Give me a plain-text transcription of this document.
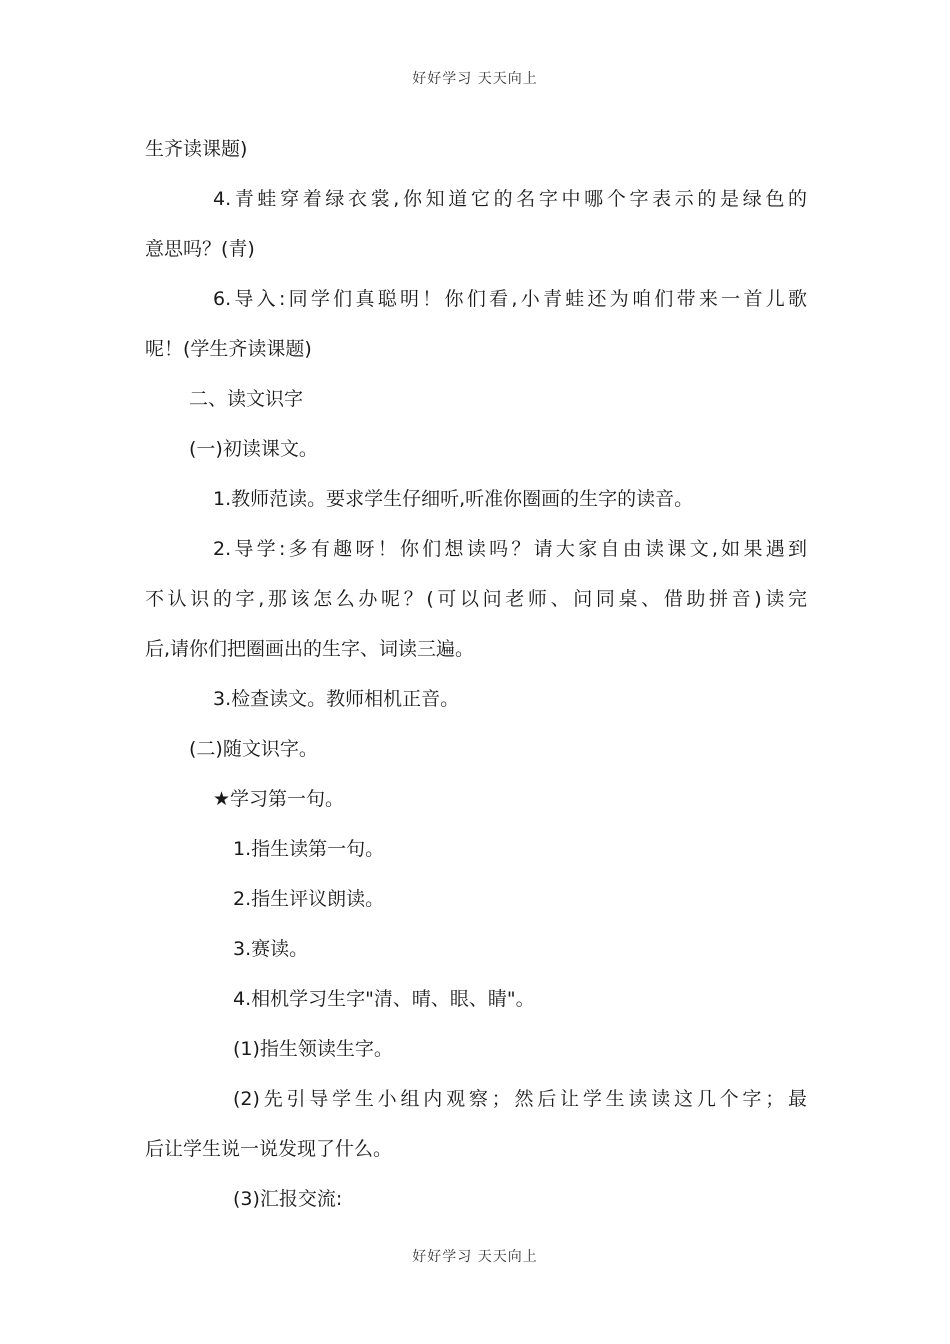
好好学习 天天向上
生齐读课题)
4.青蛙穿着绿衣裳,你知道它的名字中哪个字表示的是绿色的
意思吗？(青)
6.导入:同学们真聪明！你们看,小青蛙还为咱们带来一首儿歌
呢！(学生齐读课题)
二、读文识字
(一)初读课文。
1.教师范读。要求学生仔细听,听准你圈画的生字的读音。
2.导学:多有趣呀！你们想读吗？请大家自由读课文,如果遇到
不认识的字,那该怎么办呢？(可以问老师、问同桌、借助拼音)读完
后,请你们把圈画出的生字、词读三遍。
3.检查读文。教师相机正音。
(二)随文识字。
★学习第一句。
1.指生读第一句。
2.指生评议朗读。
3.赛读。
4.相机学习生字"清、晴、眼、睛"。
(1)指生领读生字。
(2)先引导学生小组内观察；然后让学生读读这几个字；最
后让学生说一说发现了什么。
(3)汇报交流:
好好学习 天天向上
